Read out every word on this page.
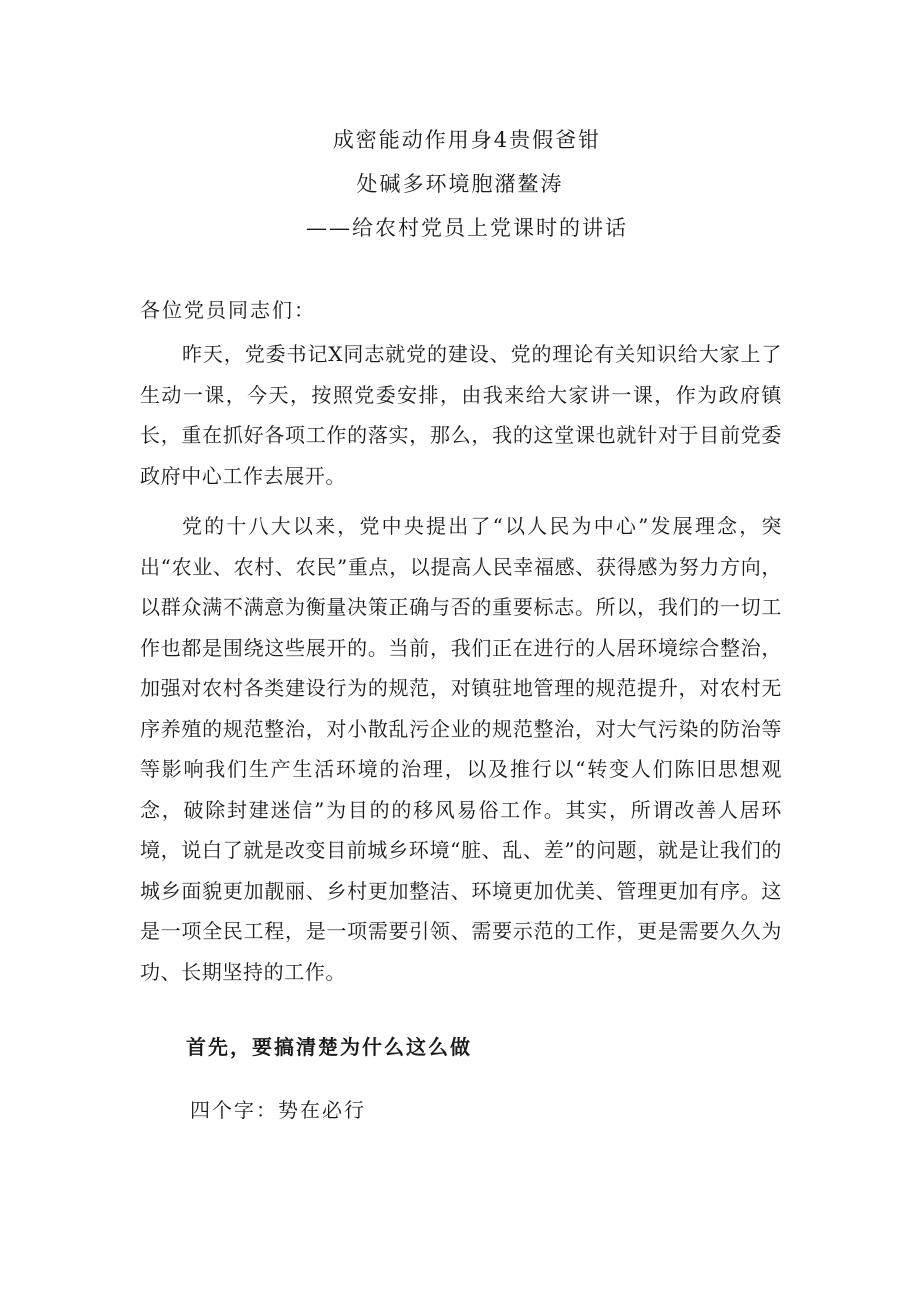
成密能动作用身4贵假爸钳
处碱多环境胞潴鳌涛
——给农村党员上党课时的讲话
各位党员同志们：

昨天，党委书记X同志就党的建设、党的理论有关知识给大家上了生动一课，今天，按照党委安排，由我来给大家讲一课，作为政府镇长，重在抓好各项工作的落实，那么，我的这堂课也就针对于目前党委政府中心工作去展开。

党的十八大以来，党中央提出了“以人民为中心”发展理念，突出“农业、农村、农民”重点，以提高人民幸福感、获得感为努力方向，以群众满不满意为衡量决策正确与否的重要标志。所以，我们的一切工作也都是围绕这些展开的。当前，我们正在进行的人居环境综合整治，加强对农村各类建设行为的规范，对镇驻地管理的规范提升，对农村无序养殖的规范整治，对小散乱污企业的规范整治，对大气污染的防治等等影响我们生产生活环境的治理，以及推行以“转变人们陈旧思想观念，破除封建迷信”为目的的移风易俗工作。其实，所谓改善人居环境，说白了就是改变目前城乡环境“脏、乱、差”的问题，就是让我们的城乡面貌更加靓丽、乡村更加整洁、环境更加优美、管理更加有序。这是一项全民工程，是一项需要引领、需要示范的工作，更是需要久久为功、长期坚持的工作。

首先，要搞清楚为什么这么做
四个字：势在必行
